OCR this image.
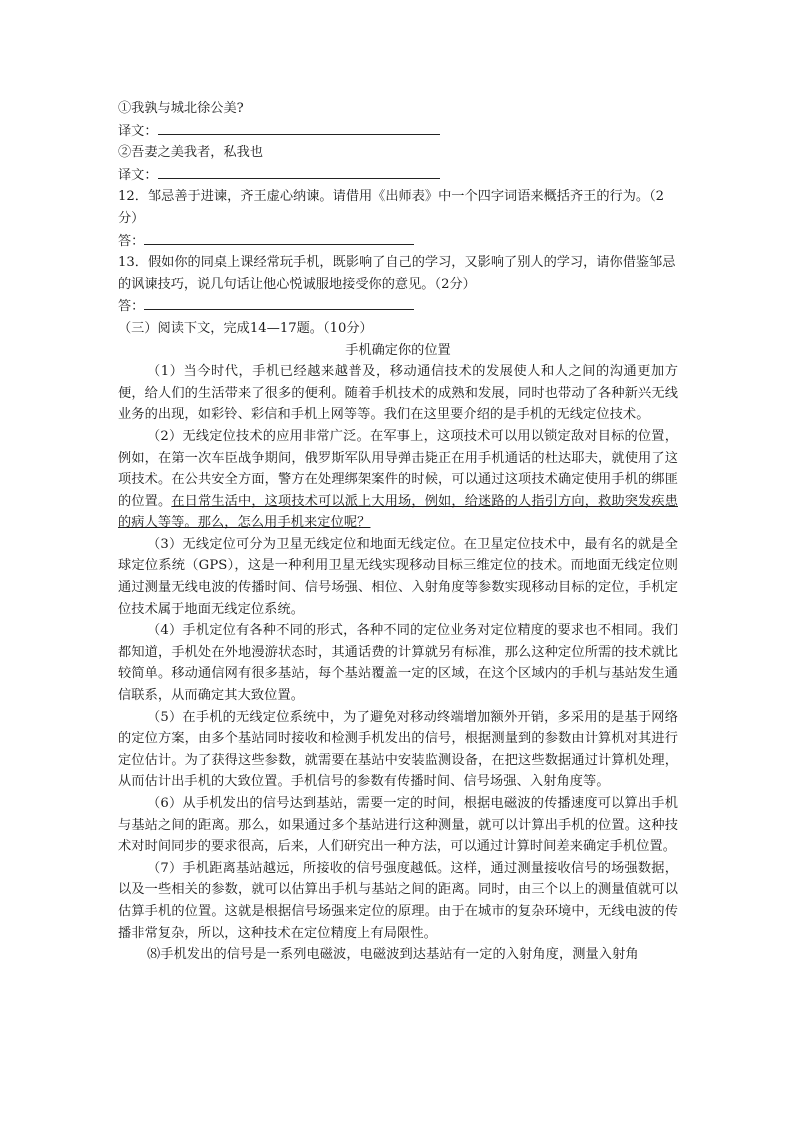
①我孰与城北徐公美?
译文：
②吾妻之美我者，私我也
译文：
12．邹忌善于进谏，齐王虚心纳谏。请借用《出师表》中一个四字词语来概括齐王的行为。（2分）
答：
13．假如你的同桌上课经常玩手机，既影响了自己的学习，又影响了别人的学习，请你借鉴邹忌的讽谏技巧，说几句话让他心悦诚服地接受你的意见。（2分）
答：
（三）阅读下文，完成14—17题。（10分）
手机确定你的位置
（1）当今时代，手机已经越来越普及，移动通信技术的发展使人和人之间的沟通更加方便，给人们的生活带来了很多的便利。随着手机技术的成熟和发展，同时也带动了各种新兴无线业务的出现，如彩铃、彩信和手机上网等等。我们在这里要介绍的是手机的无线定位技术。
（2）无线定位技术的应用非常广泛。在军事上，这项技术可以用以锁定敌对目标的位置，例如，在第一次车臣战争期间，俄罗斯军队用导弹击毙正在用手机通话的杜达耶夫，就使用了这项技术。在公共安全方面，警方在处理绑架案件的时候，可以通过这项技术确定使用手机的绑匪的位置。在日常生活中，这项技术可以派上大用场，例如，给迷路的人指引方向，救助突发疾患的病人等等。那么，怎么用手机来定位呢？
（3）无线定位可分为卫星无线定位和地面无线定位。在卫星定位技术中，最有名的就是全球定位系统（GPS），这是一种利用卫星无线实现移动目标三维定位的技术。而地面无线定位则通过测量无线电波的传播时间、信号场强、相位、入射角度等参数实现移动目标的定位，手机定位技术属于地面无线定位系统。
（4）手机定位有各种不同的形式，各种不同的定位业务对定位精度的要求也不相同。我们都知道，手机处在外地漫游状态时，其通话费的计算就另有标准，那么这种定位所需的技术就比较简单。移动通信网有很多基站，每个基站覆盖一定的区域，在这个区域内的手机与基站发生通信联系，从而确定其大致位置。
（5）在手机的无线定位系统中，为了避免对移动终端增加额外开销，多采用的是基于网络的定位方案，由多个基站同时接收和检测手机发出的信号，根据测量到的参数由计算机对其进行定位估计。为了获得这些参数，就需要在基站中安装监测设备，在把这些数据通过计算机处理，从而估计出手机的大致位置。手机信号的参数有传播时间、信号场强、入射角度等。
（6）从手机发出的信号达到基站，需要一定的时间，根据电磁波的传播速度可以算出手机与基站之间的距离。那么，如果通过多个基站进行这种测量，就可以计算出手机的位置。这种技术对时间同步的要求很高，后来，人们研究出一种方法，可以通过计算时间差来确定手机位置。
（7）手机距离基站越远，所接收的信号强度越低。这样，通过测量接收信号的场强数据，以及一些相关的参数，就可以估算出手机与基站之间的距离。同时，由三个以上的测量值就可以估算手机的位置。这就是根据信号场强来定位的原理。由于在城市的复杂环境中，无线电波的传播非常复杂，所以，这种技术在定位精度上有局限性。
⑻手机发出的信号是一系列电磁波，电磁波到达基站有一定的入射角度，测量入射角
